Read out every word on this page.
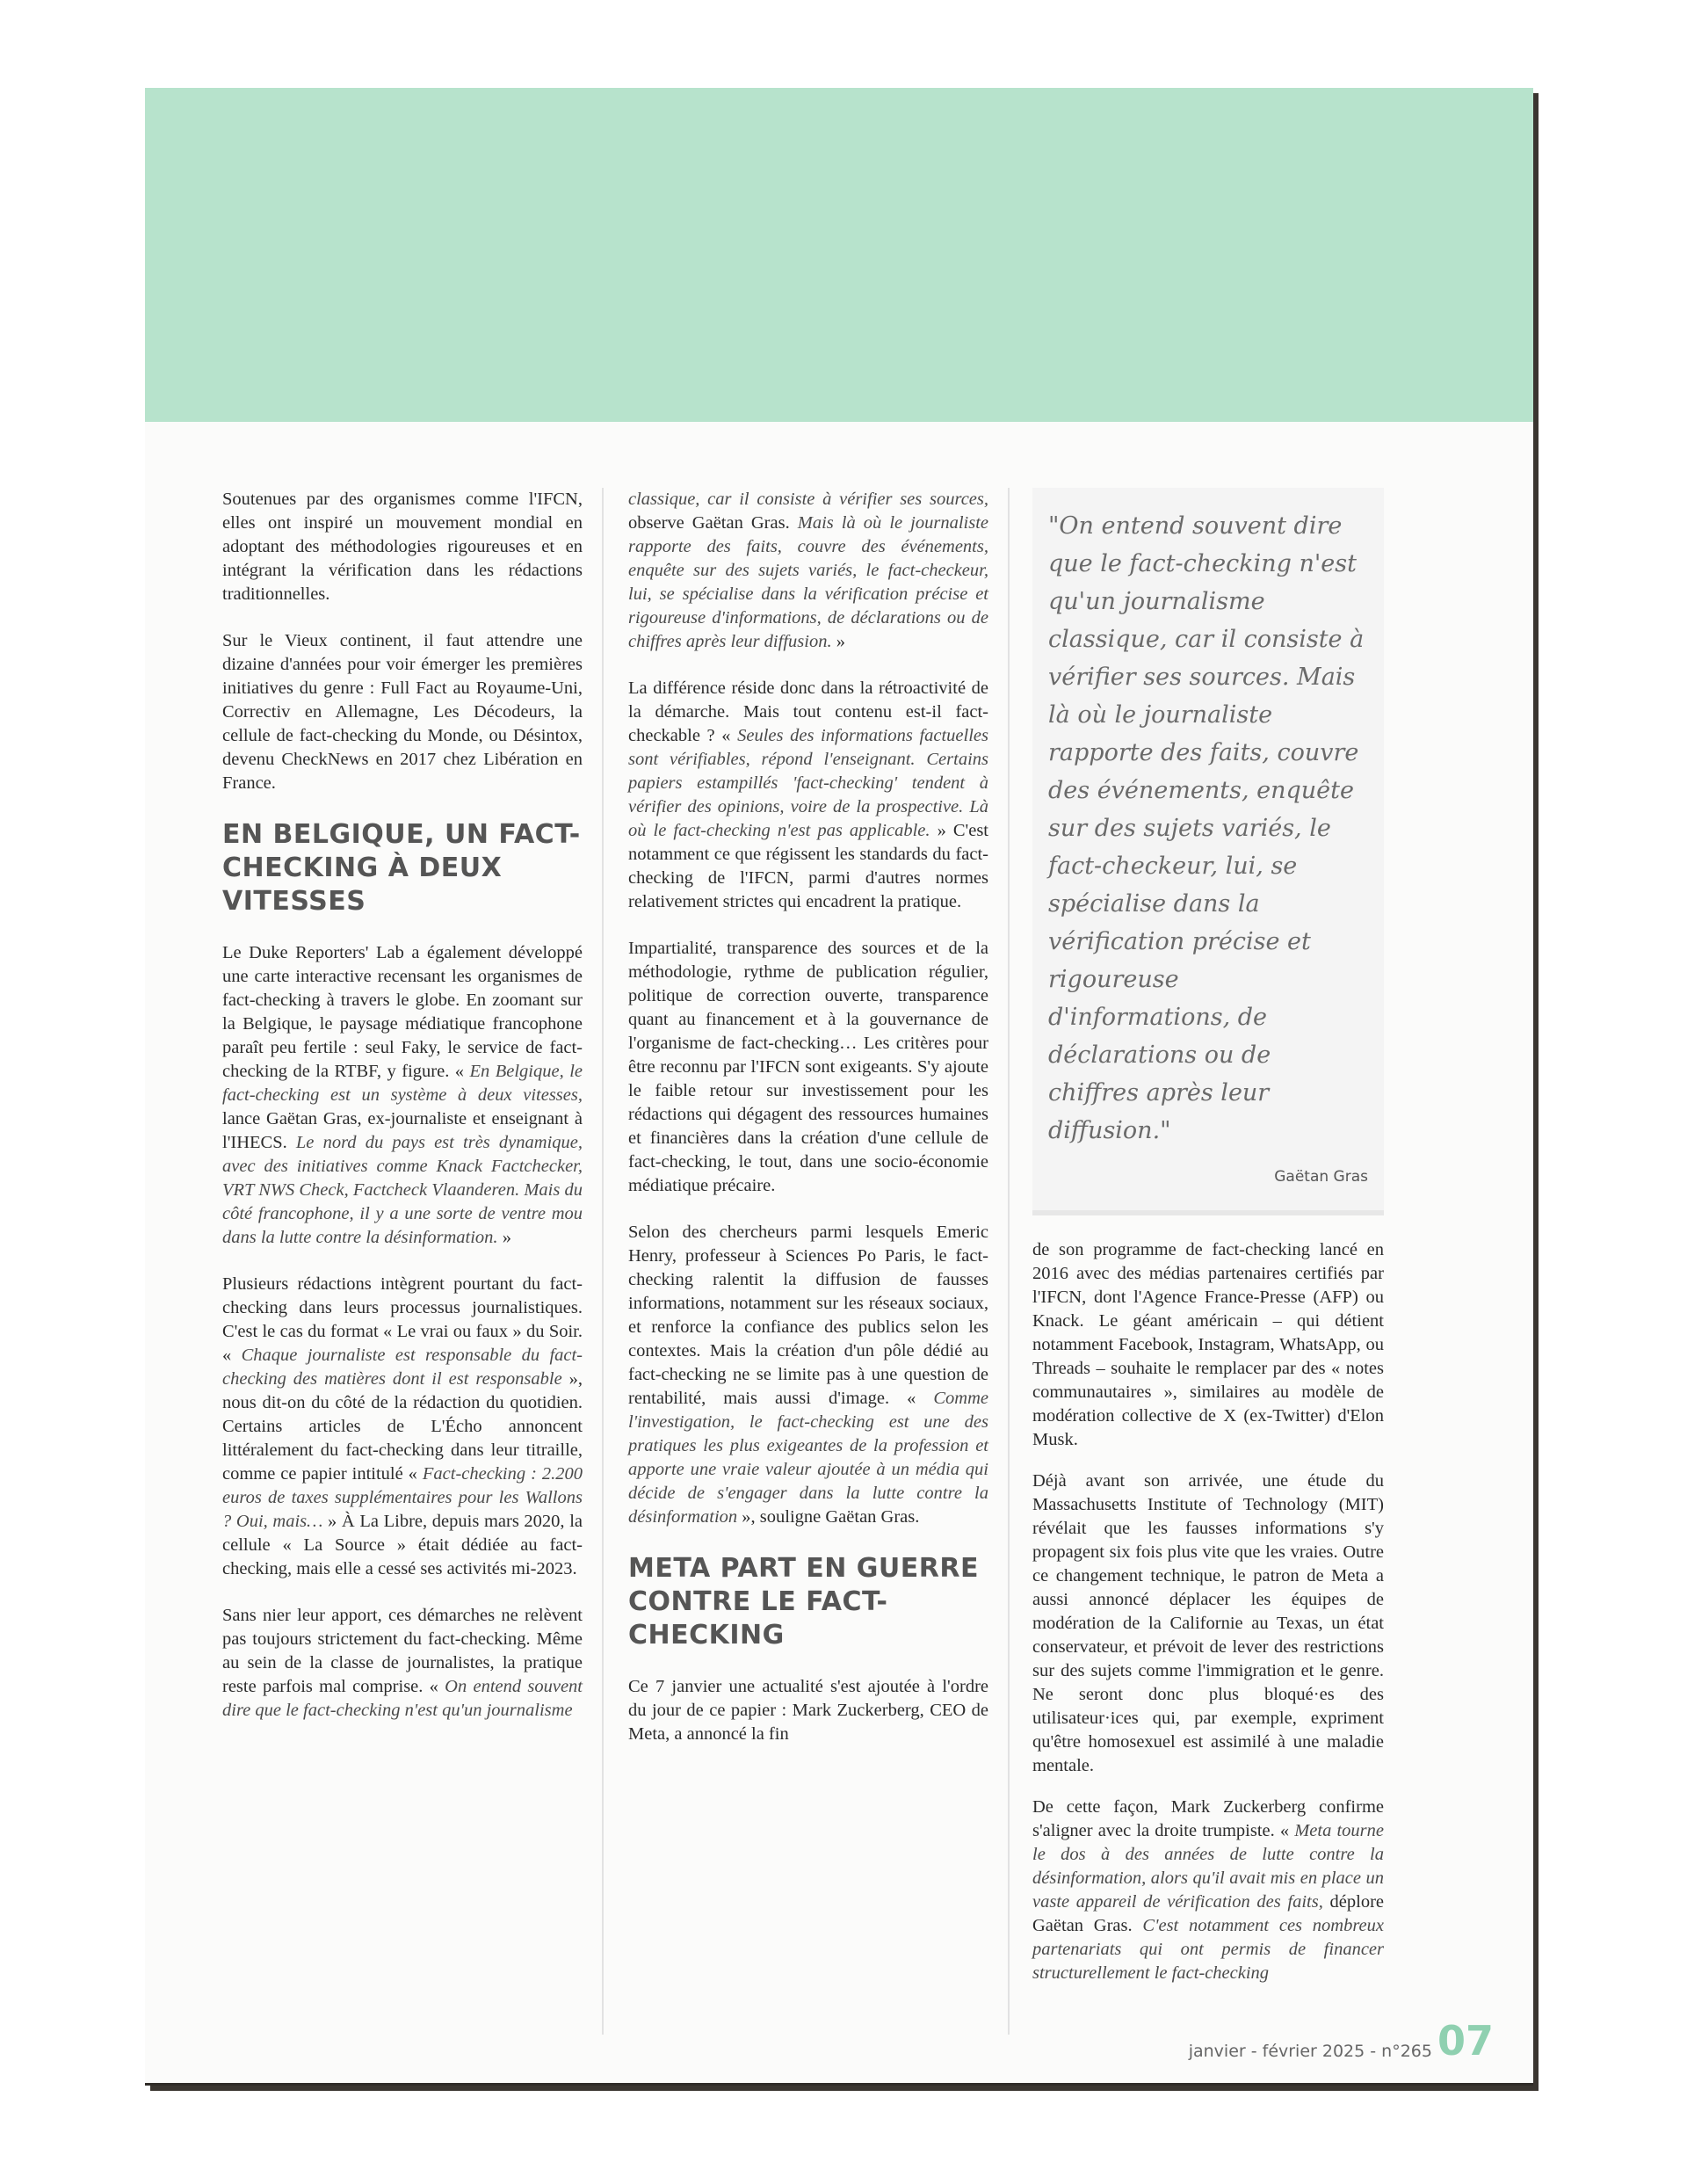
Soutenues par des organismes comme l'IFCN, elles ont inspiré un mouvement mondial en adoptant des méthodologies rigoureuses et en intégrant la vérification dans les rédactions traditionnelles.

Sur le Vieux continent, il faut attendre une dizaine d'années pour voir émerger les premières initiatives du genre : Full Fact au Royaume-Uni, Correctiv en Allemagne, Les Décodeurs, la cellule de fact-checking du Monde, ou Désintox, devenu CheckNews en 2017 chez Libération en France.

EN BELGIQUE, UN FACT-CHECKING À DEUX VITESSES

Le Duke Reporters' Lab a également développé une carte interactive recensant les organismes de fact-checking à travers le globe. En zoomant sur la Belgique, le paysage médiatique francophone paraît peu fertile : seul Faky, le service de fact-checking de la RTBF, y figure. « En Belgique, le fact-checking est un système à deux vitesses, lance Gaëtan Gras, ex-journaliste et enseignant à l'IHECS. Le nord du pays est très dynamique, avec des initiatives comme Knack Factchecker, VRT NWS Check, Factcheck Vlaanderen. Mais du côté francophone, il y a une sorte de ventre mou dans la lutte contre la désinformation. »

Plusieurs rédactions intègrent pourtant du fact-checking dans leurs processus journalistiques. C'est le cas du format « Le vrai ou faux » du Soir. « Chaque journaliste est responsable du fact-checking des matières dont il est responsable », nous dit-on du côté de la rédaction du quotidien. Certains articles de L'Écho annoncent littéralement du fact-checking dans leur titraille, comme ce papier intitulé « Fact-checking : 2.200 euros de taxes supplémentaires pour les Wallons ? Oui, mais… » À La Libre, depuis mars 2020, la cellule « La Source » était dédiée au fact-checking, mais elle a cessé ses activités mi-2023.

Sans nier leur apport, ces démarches ne relèvent pas toujours strictement du fact-checking. Même au sein de la classe de journalistes, la pratique reste parfois mal comprise. « On entend souvent dire que le fact-checking n'est qu'un journalisme

classique, car il consiste à vérifier ses sources, observe Gaëtan Gras. Mais là où le journaliste rapporte des faits, couvre des événements, enquête sur des sujets variés, le fact-checkeur, lui, se spécialise dans la vérification précise et rigoureuse d'informations, de déclarations ou de chiffres après leur diffusion. »

La différence réside donc dans la rétroactivité de la démarche. Mais tout contenu est-il fact-checkable ? « Seules des informations factuelles sont vérifiables, répond l'enseignant. Certains papiers estampillés 'fact-checking' tendent à vérifier des opinions, voire de la prospective. Là où le fact-checking n'est pas applicable. » C'est notamment ce que régissent les standards du fact-checking de l'IFCN, parmi d'autres normes relativement strictes qui encadrent la pratique.

Impartialité, transparence des sources et de la méthodologie, rythme de publication régulier, politique de correction ouverte, transparence quant au financement et à la gouvernance de l'organisme de fact-checking… Les critères pour être reconnu par l'IFCN sont exigeants. S'y ajoute le faible retour sur investissement pour les rédactions qui dégagent des ressources humaines et financières dans la création d'une cellule de fact-checking, le tout, dans une socio-économie médiatique précaire.

Selon des chercheurs parmi lesquels Emeric Henry, professeur à Sciences Po Paris, le fact-checking ralentit la diffusion de fausses informations, notamment sur les réseaux sociaux, et renforce la confiance des publics selon les contextes. Mais la création d'un pôle dédié au fact-checking ne se limite pas à une question de rentabilité, mais aussi d'image. « Comme l'investigation, le fact-checking est une des pratiques les plus exigeantes de la profession et apporte une vraie valeur ajoutée à un média qui décide de s'engager dans la lutte contre la désinformation », souligne Gaëtan Gras.

META PART EN GUERRE CONTRE LE FACT-CHECKING

Ce 7 janvier une actualité s'est ajoutée à l'ordre du jour de ce papier : Mark Zuckerberg, CEO de Meta, a annoncé la fin

"On entend souvent dire que le fact-checking n'est qu'un journalisme classique, car il consiste à vérifier ses sources. Mais là où le journaliste rapporte des faits, couvre des événements, enquête sur des sujets variés, le fact-checkeur, lui, se spécialise dans la vérification précise et rigoureuse d'informations, de déclarations ou de chiffres après leur diffusion."
Gaëtan Gras

de son programme de fact-checking lancé en 2016 avec des médias partenaires certifiés par l'IFCN, dont l'Agence France-Presse (AFP) ou Knack. Le géant américain – qui détient notamment Facebook, Instagram, WhatsApp, ou Threads – souhaite le remplacer par des « notes communautaires », similaires au modèle de modération collective de X (ex-Twitter) d'Elon Musk.

Déjà avant son arrivée, une étude du Massachusetts Institute of Technology (MIT) révélait que les fausses informations s'y propagent six fois plus vite que les vraies. Outre ce changement technique, le patron de Meta a aussi annoncé déplacer les équipes de modération de la Californie au Texas, un état conservateur, et prévoit de lever des restrictions sur des sujets comme l'immigration et le genre. Ne seront donc plus bloqué·es des utilisateur·ices qui, par exemple, expriment qu'être homosexuel est assimilé à une maladie mentale.

De cette façon, Mark Zuckerberg confirme s'aligner avec la droite trumpiste. « Meta tourne le dos à des années de lutte contre la désinformation, alors qu'il avait mis en place un vaste appareil de vérification des faits, déplore Gaëtan Gras. C'est notamment ces nombreux partenariats qui ont permis de financer structurellement le fact-checking

janvier - février 2025 - n°265 07
